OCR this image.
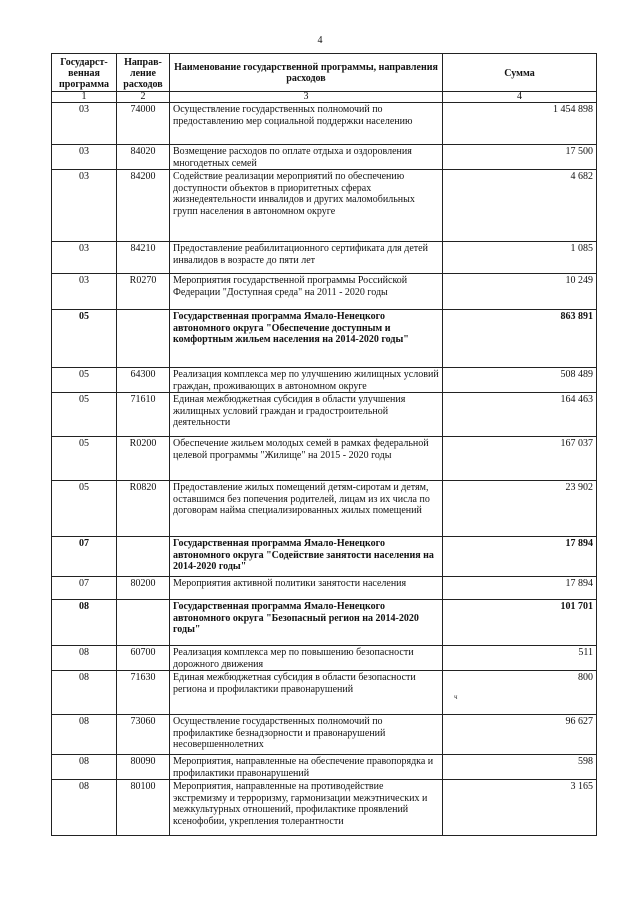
4
Государст-венная программа	Направ-ление расходов	Наименование государственной программы, направления расходов	Сумма
1	2	3	4
03	74000	Осуществление государственных полномочий по предоставлению мер социальной поддержки населению	1 454 898
03	84020	Возмещение расходов по оплате отдыха и оздоровления многодетных семей	17 500
03	84200	Содействие реализации мероприятий по обеспечению доступности объектов в приоритетных сферах жизнедеятельности инвалидов и других маломобильных групп населения в автономном округе	4 682
03	84210	Предоставление реабилитационного сертификата для детей инвалидов в возрасте до пяти лет	1 085
03	R0270	Мероприятия государственной программы Российской Федерации "Доступная среда" на 2011 - 2020 годы	10 249
05		Государственная программа Ямало-Ненецкого автономного округа "Обеспечение доступным и комфортным жильем населения на 2014-2020 годы"	863 891
05	64300	Реализация комплекса мер по улучшению жилищных условий граждан, проживающих в автономном округе	508 489
05	71610	Единая межбюджетная субсидия в области улучшения жилищных условий граждан и градостроительной деятельности	164 463
05	R0200	Обеспечение жильем молодых семей в рамках федеральной целевой программы "Жилище" на 2015 - 2020 годы	167 037
05	R0820	Предоставление жилых помещений детям-сиротам и детям, оставшимся без попечения родителей, лицам из их числа по договорам найма специализированных жилых помещений	23 902
07		Государственная программа Ямало-Ненецкого автономного округа "Содействие занятости населения на 2014-2020 годы"	17 894
07	80200	Мероприятия активной политики занятости населения	17 894
08		Государственная программа Ямало-Ненецкого автономного округа "Безопасный регион на 2014-2020 годы"	101 701
08	60700	Реализация комплекса мер по повышению безопасности дорожного движения	511
08	71630	Единая межбюджетная субсидия в области безопасности региона и профилактики правонарушений	800
08	73060	Осуществление государственных полномочий по профилактике безнадзорности и правонарушений несовершеннолетних	96 627
08	80090	Мероприятия, направленные на обеспечение правопорядка и профилактики правонарушений	598
08	80100	Мероприятия, направленные на противодействие экстремизму и терроризму, гармонизации межэтнических и межкультурных отношений, профилактике проявлений ксенофобии, укрепления толерантности	3 165
ч
